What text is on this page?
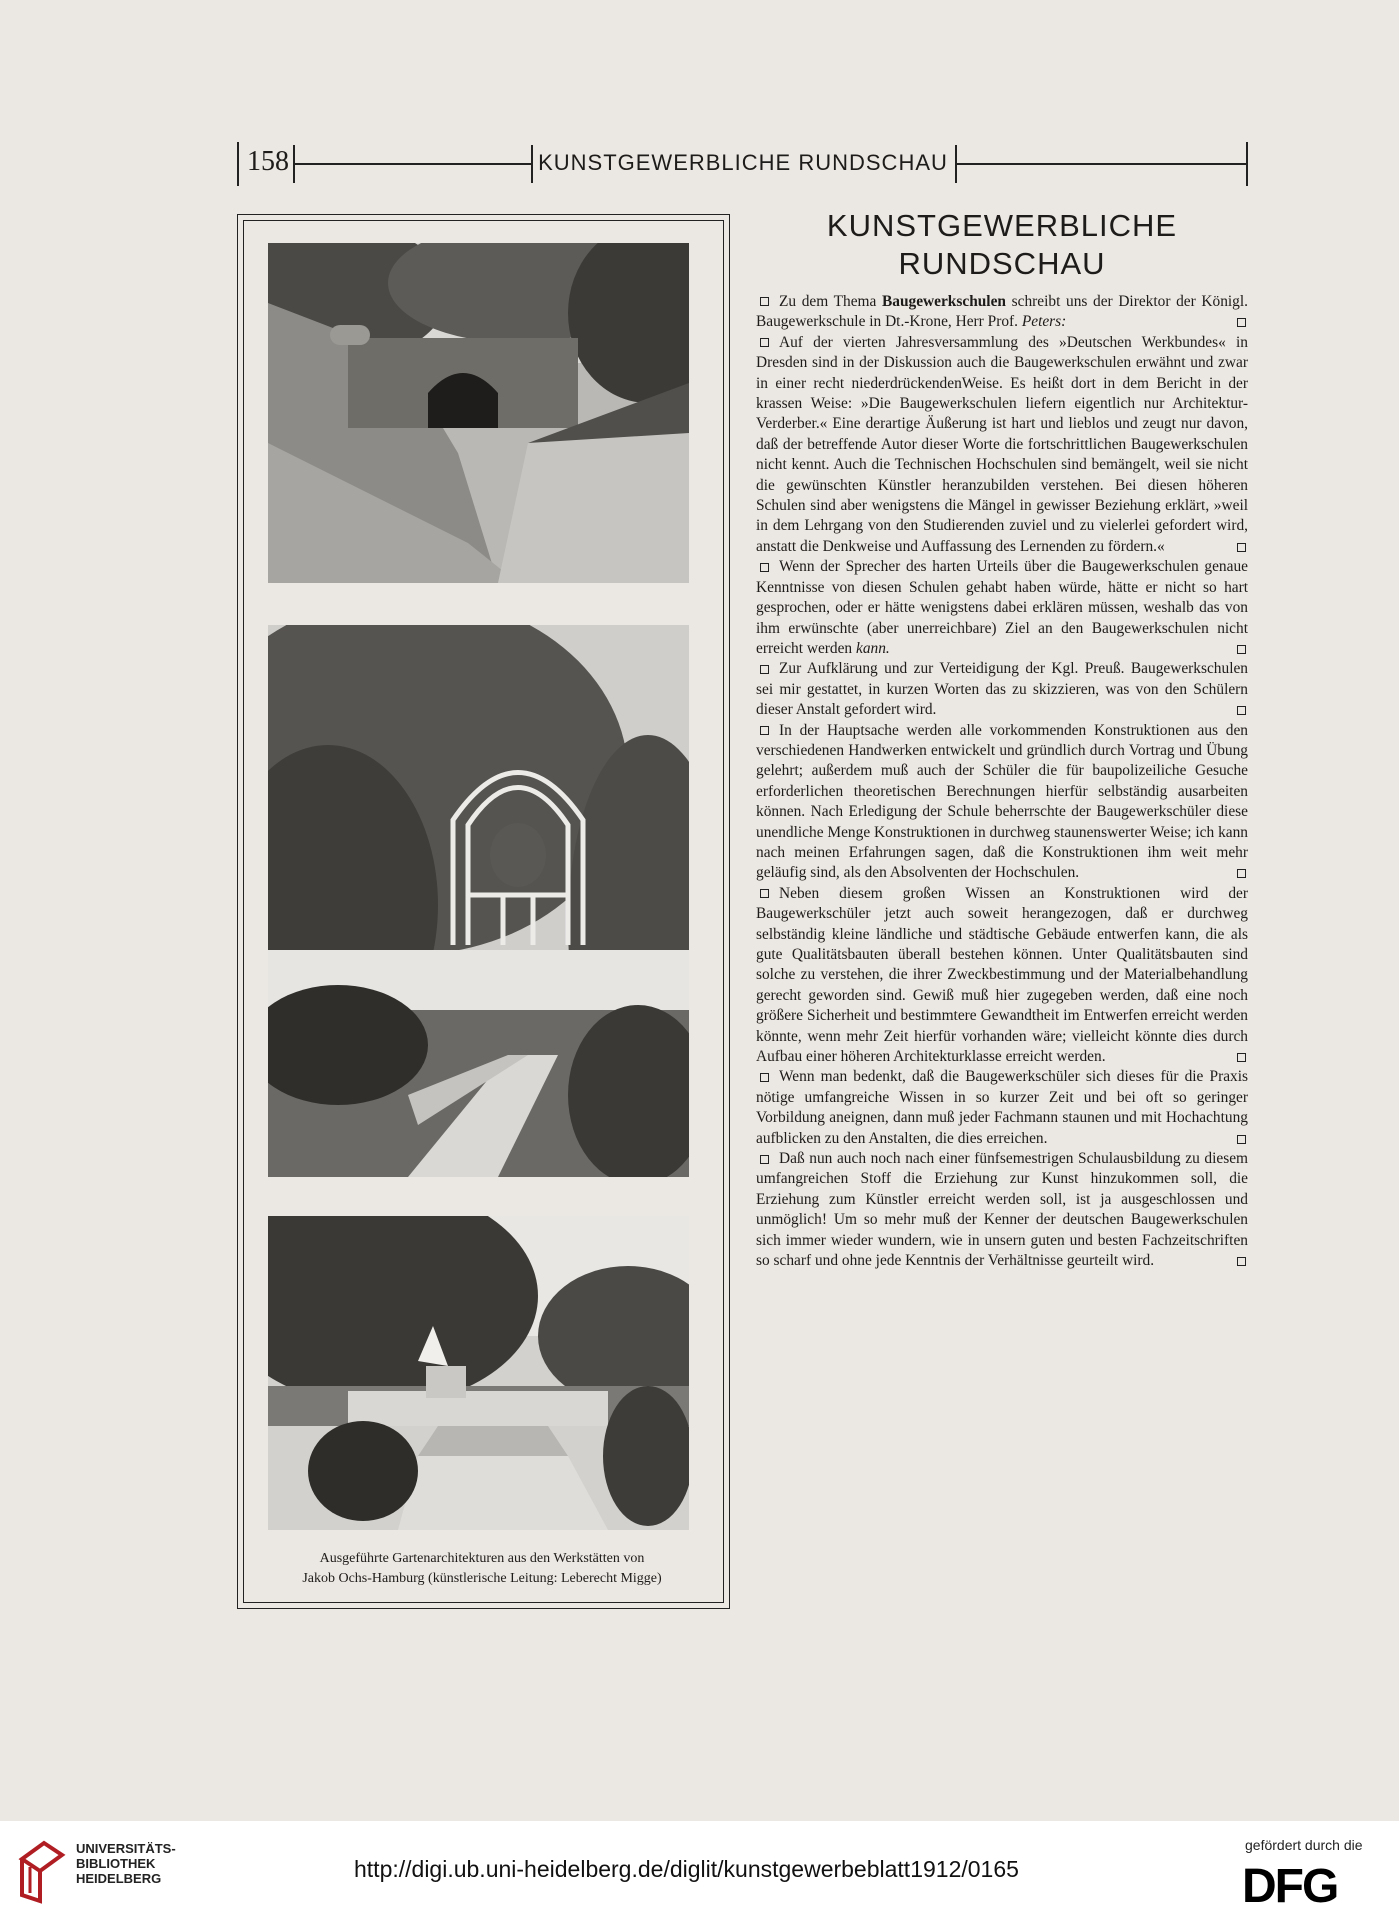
158	KUNSTGEWERBLICHE RUNDSCHAU
Ausgeführte Gartenarchitekturen aus den Werkstätten von
Jakob Ochs-Hamburg (künstlerische Leitung: Leberecht Migge)
KUNSTGEWERBLICHE
RUNDSCHAU

Zu dem Thema Baugewerkschulen schreibt uns der Direktor der Königl. Baugewerkschule in Dt.-Krone, Herr Prof. Peters:

Auf der vierten Jahresversammlung des »Deutschen Werkbundes« in Dresden sind in der Diskussion auch die Baugewerkschulen erwähnt und zwar in einer recht niederdrückendenWeise. Es heißt dort in dem Bericht in der krassen Weise: »Die Baugewerkschulen liefern eigentlich nur Architektur-Verderber.« Eine derartige Äußerung ist hart und lieblos und zeugt nur davon, daß der betreffende Autor dieser Worte die fortschrittlichen Baugewerkschulen nicht kennt. Auch die Technischen Hochschulen sind bemängelt, weil sie nicht die gewünschten Künstler heranzubilden verstehen. Bei diesen höheren Schulen sind aber wenigstens die Mängel in gewisser Beziehung erklärt, »weil in dem Lehrgang von den Studierenden zuviel und zu vielerlei gefordert wird, anstatt die Denkweise und Auffassung des Lernenden zu fördern.«

Wenn der Sprecher des harten Urteils über die Baugewerkschulen genaue Kenntnisse von diesen Schulen gehabt haben würde, hätte er nicht so hart gesprochen, oder er hätte wenigstens dabei erklären müssen, weshalb das von ihm erwünschte (aber unerreichbare) Ziel an den Baugewerkschulen nicht erreicht werden kann.

Zur Aufklärung und zur Verteidigung der Kgl. Preuß. Baugewerkschulen sei mir gestattet, in kurzen Worten das zu skizzieren, was von den Schülern dieser Anstalt gefordert wird.

In der Hauptsache werden alle vorkommenden Konstruktionen aus den verschiedenen Handwerken entwickelt und gründlich durch Vortrag und Übung gelehrt; außerdem muß auch der Schüler die für baupolizeiliche Gesuche erforderlichen theoretischen Berechnungen hierfür selbständig ausarbeiten können. Nach Erledigung der Schule beherrschte der Baugewerkschüler diese unendliche Menge Konstruktionen in durchweg staunenswerter Weise; ich kann nach meinen Erfahrungen sagen, daß die Konstruktionen ihm weit mehr geläufig sind, als den Absolventen der Hochschulen.

Neben diesem großen Wissen an Konstruktionen wird der Baugewerkschüler jetzt auch soweit herangezogen, daß er durchweg selbständig kleine ländliche und städtische Gebäude entwerfen kann, die als gute Qualitätsbauten überall bestehen können. Unter Qualitätsbauten sind solche zu verstehen, die ihrer Zweckbestimmung und der Materialbehandlung gerecht geworden sind. Gewiß muß hier zugegeben werden, daß eine noch größere Sicherheit und bestimmtere Gewandtheit im Entwerfen erreicht werden könnte, wenn mehr Zeit hierfür vorhanden wäre; vielleicht könnte dies durch Aufbau einer höheren Architekturklasse erreicht werden.

Wenn man bedenkt, daß die Baugewerkschüler sich dieses für die Praxis nötige umfangreiche Wissen in so kurzer Zeit und bei oft so geringer Vorbildung aneignen, dann muß jeder Fachmann staunen und mit Hochachtung aufblicken zu den Anstalten, die dies erreichen.

Daß nun auch noch nach einer fünfsemestrigen Schulausbildung zu diesem umfangreichen Stoff die Erziehung zur Kunst hinzukommen soll, die Erziehung zum Künstler erreicht werden soll, ist ja ausgeschlossen und unmöglich! Um so mehr muß der Kenner der deutschen Baugewerkschulen sich immer wieder wundern, wie in unsern guten und besten Fachzeitschriften so scharf und ohne jede Kenntnis der Verhältnisse geurteilt wird.

UNIVERSITÄTS-
BIBLIOTHEK
HEIDELBERG	http://digi.ub.uni-heidelberg.de/diglit/kunstgewerbeblatt1912/0165
gefördert durch die
DFG
